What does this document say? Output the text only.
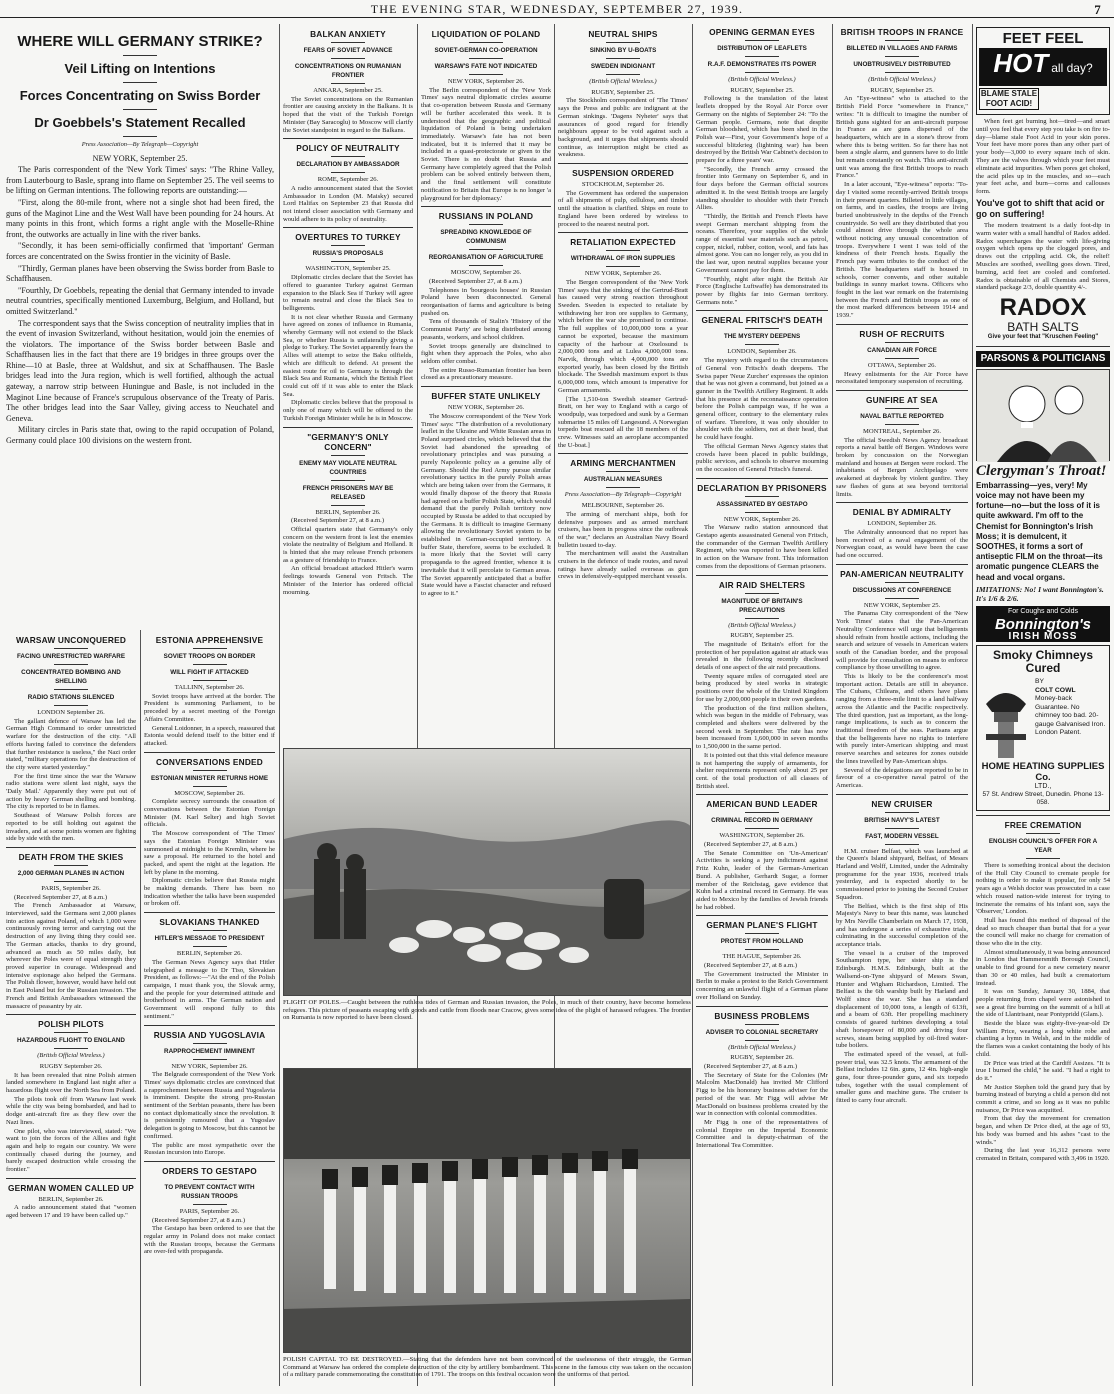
THE EVENING STAR, WEDNESDAY, SEPTEMBER 27, 1939.	7
WHERE WILL GERMANY STRIKE?
Veil Lifting on Intentions
Forces Concentrating on Swiss Border
Dr Goebbels's Statement Recalled
Press Association—By Telegraph—Copyright
NEW YORK, September 25.

The Paris correspondent of the 'New York Times' says: "The Rhine Valley, from Lauterbourg to Basle, sprang into flame on September 25. The veil seems to be lifting on German intentions. The following reports are outstanding:—

"First, along the 80-mile front, where not a single shot had been fired, the guns of the Maginot Line and the West Wall have been pounding for 24 hours. At many points in this front, which forms a right angle with the Moselle-Rhine front, the outworks are actually in line with the river banks.

"Secondly, it has been semi-officially confirmed that 'important' German forces are concentrated on the Swiss frontier in the vicinity of Basle.

"Thirdly, German planes have been observing the Swiss border from Basle to Schaffhausen.

"Fourthly, Dr Goebbels, repeating the denial that Germany intended to invade neutral countries, specifically mentioned Luxemburg, Belgium, and Holland, but omitted Switzerland."

The correspondent says that the Swiss conception of neutrality implies that in the event of invasion Switzerland, without hesitation, would join the enemies of the violators. The importance of the Swiss border between Basle and Schaffhausen lies in the fact that there are 19 bridges in three groups over the Rhine—10 at Basle, three at Waldshut, and six at Schaffhausen. The Basle bridges lead into the Jura region, which is well fortified, although the actual gateway, a narrow strip between Huningue and Basle, is not included in the Maginot Line because of France's scrupulous observance of the Treaty of Paris. The other bridges lead into the Saar Valley, giving access to Neuchatel and Geneva.

Military circles in Paris state that, owing to the rapid occupation of Poland, Germany could place 100 divisions on the western front.

WARSAW UNCONQUERED
FACING UNRESTRICTED WARFARE
CONCENTRATED BOMBING AND SHELLING
RADIO STATIONS SILENCED
LONDON September 26.

The gallant defence of Warsaw has led the German High Command to order unrestricted warfare for the destruction of the city. "All efforts having failed to convince the defenders that further resistance is useless," the Nazi order stated, "military operations for the destruction of the city were started yesterday."

For the first time since the war the Warsaw radio stations were silent last night, says the 'Daily Mail.' Apparently they were put out of action by heavy German shelling and bombing. The city is reported to be in flames.

Southeast of Warsaw Polish forces are reported to be still holding out against the invaders, and at some points women are fighting side by side with the men.

DEATH FROM THE SKIES
2,000 GERMAN PLANES IN ACTION
PARIS, September 26.

(Received September 27, at 8 a.m.)

The French Ambassador at Warsaw, interviewed, said the Germans sent 2,000 planes into action against Poland, of which 1,000 were continuously roving terror and carrying out the destruction of any living thing they could see. The German attacks, thanks to dry ground, advanced as much as 50 miles daily, but wherever the Poles were of equal strength they proved superior in courage. Widespread and intensive espionage also helped the Germans. The Polish flower, however, would have held out in East Poland but for the Russian invasion. The French and British Ambassadors witnessed the massacre of peasantry by air.

POLISH PILOTS
HAZARDOUS FLIGHT TO ENGLAND
(British Official Wireless.)
RUGBY September 26.

It has been revealed that nine Polish airmen landed somewhere in England last night after a hazardous flight over the North Sea from Poland.

The pilots took off from Warsaw last week while the city was being bombarded, and had to dodge anti-aircraft fire as they flew over the Nazi lines.

One pilot, who was interviewed, stated: "We want to join the forces of the Allies and fight again and help to regain our country. We were continually chased during the journey, and barely escaped destruction while crossing the frontier."

GERMAN WOMEN CALLED UP
BERLIN, September 26.

A radio announcement stated that "women aged between 17 and 19 have been called up."

ESTONIA APPREHENSIVE
SOVIET TROOPS ON BORDER
WILL FIGHT IF ATTACKED
TALLINN, September 26.

Soviet troops have arrived at the border. The President is summoning Parliament, to be preceded by a secret meeting of the Foreign Affairs Committee.

General Loidonner, in a speech, reassured that Estonia would defend itself to the bitter end if attacked.

CONVERSATIONS ENDED
ESTONIAN MINISTER RETURNS HOME
MOSCOW, September 26.

Complete secrecy surrounds the cessation of conversations between the Estonian Foreign Minister (M. Karl Selter) and high Soviet officials.

The Moscow correspondent of 'The Times' says the Estonian Foreign Minister was summoned at midnight to the Kremlin, where he saw a proposal. He returned to the hotel and packed, and spent the night at the legation. He left by plane in the morning.

Diplomatic circles believe that Russia might be making demands. There has been no indication whether the talks have been suspended or broken off.

SLOVAKIANS THANKED
HITLER'S MESSAGE TO PRESIDENT
BERLIN, September 26.

The German News Agency says that Hitler telegraphed a message to Dr Tiso, Slovakian President, as follows:—"At the end of the Polish campaign, I must thank you, the Slovak army, and the people for your determined attitude and brotherhood in arms. The German nation and Government will respond fully to this sentiment."

RUSSIA AND YUGOSLAVIA
RAPPROCHEMENT IMMINENT
NEW YORK, September 26.

The Belgrade correspondent of the 'New York Times' says diplomatic circles are convinced that a rapprochement between Russia and Yugoslavia is imminent. Despite the strong pro-Russian sentiment of the Serbian peasants, there has been no contact diplomatically since the revolution. It is persistently rumoured that a Yugoslav delegation is going to Moscow, but this cannot be confirmed.

The public are most sympathetic over the Russian incursion into Europe.

ORDERS TO GESTAPO
TO PREVENT CONTACT WITH RUSSIAN TROOPS
PARIS, September 26.

(Received September 27, at 8 a.m.)

The Gestapo has been ordered to see that the regular army in Poland does not make contact with the Russian troops, because the Germans are over-fed with propaganda.

BALKAN ANXIETY
FEARS OF SOVIET ADVANCE
CONCENTRATIONS ON RUMANIAN FRONTIER
ANKARA, September 25.

The Soviet concentrations on the Rumanian frontier are causing anxiety in the Balkans. It is hoped that the visit of the Turkish Foreign Minister (Bay Saracoglu) to Moscow will clarify the Soviet standpoint in regard to the Balkans.

POLICY OF NEUTRALITY
DECLARATION BY AMBASSADOR
ROME, September 26.

A radio announcement stated that the Soviet Ambassador in London (M. Maisky) secured Lord Halifax on September 23 that Russia did not intend closer association with Germany and would adhere to its policy of neutrality.

OVERTURES TO TURKEY
RUSSIA'S PROPOSALS
WASHINGTON, September 25.

Diplomatic circles declare that the Soviet has offered to guarantee Turkey against German expansion to the Black Sea if Turkey will agree to remain neutral and close the Black Sea to belligerents.

It is not clear whether Russia and Germany have agreed on zones of influence in Rumania, whereby Germany will not extend to the Black Sea, or whether Russia is unilaterally giving a pledge to Turkey. The Soviet apparently fears the Allies will attempt to seize the Baku oilfields, which are difficult to defend. At present the easiest route for oil to Germany is through the Black Sea and Rumania, which the British Fleet could cut off if it was able to enter the Black Sea.

Diplomatic circles believe that the proposal is only one of many which will be offered to the Turkish Foreign Minister while he is in Moscow.

"GERMANY'S ONLY CONCERN"
ENEMY MAY VIOLATE NEUTRAL COUNTRIES
FRENCH PRISONERS MAY BE RELEASED
BERLIN, September 26.

(Received September 27, at 8 a.m.)

Official quarters state that Germany's only concern on the western front is lest the enemies violate the neutrality of Belgium and Holland. It is hinted that she may release French prisoners as a gesture of friendship to France.

An official broadcast attacked Hitler's warm feelings towards General von Fritsch. The Minister of the Interior has ordered official mourning.

LIQUIDATION OF POLAND
SOVIET-GERMAN CO-OPERATION
WARSAW'S FATE NOT INDICATED
NEW YORK, September 26.

The Berlin correspondent of the 'New York Times' says neutral diplomatic circles assume that co-operation between Russia and Germany will be further accelerated this week. It is understood that the geographic and political liquidation of Poland is being undertaken immediately. Warsaw's fate has not been indicated, but it is inferred that it may be included in a quasi-protectorate or given to the Soviet. There is no doubt that Russia and Germany have completely agreed that the Polish problem can be solved entirely between them, and the final settlement will constitute notification to Britain that Europe is no longer 'a playground for her diplomacy.'

RUSSIANS IN POLAND
SPREADING KNOWLEDGE OF COMMUNISM
REORGANISATION OF AGRICULTURE
MOSCOW, September 26.

(Received September 27, at 8 a.m.)

Telephones in 'bourgeois houses' in Russian Poland have been disconnected. General reorganisation of farms and agriculture is being pushed on.

Tens of thousands of Stalin's 'History of the Communist Party' are being distributed among peasants, workers, and school children.

Soviet troops generally are disinclined to fight when they approach the Poles, who also seldom offer combat.

The entire Russo-Rumanian frontier has been closed as a precautionary measure.

BUFFER STATE UNLIKELY
NEW YORK, September 26.

The Moscow correspondent of the 'New York Times' says: "The distribution of a revolutionary leaflet in the Ukraine and White Russian areas in Poland surprised circles, which believed that the Soviet had abandoned the spreading of revolutionary principles and was pursuing a purely Napoleonic policy as a genuine ally of Germany. Should the Red Army pursue similar revolutionary tactics in the purely Polish areas which are being taken over from the Germans, it would finally dispose of the theory that Russia had agreed on a buffer Polish State, which would demand that the purely Polish territory now occupied by Russia be added to that occupied by the Germans. It is difficult to imagine Germany allowing the revolutionary Soviet system to be established in German-occupied territory. A buffer State, therefore, seems to be excluded. It is more likely that the Soviet will carry propaganda to the agreed frontier, whence it is inevitable that it will percolate to German areas. The Soviet apparently anticipated that a buffer State would have a Fascist character and refused to agree to it."

NEUTRAL SHIPS
SINKING BY U-BOATS
SWEDEN INDIGNANT
(British Official Wireless.)
RUGBY, September 25.

The Stockholm correspondent of 'The Times' says the Press and public are indignant at the German sinkings. 'Dagens Nyheter' says that assurances of good regard for friendly neighbours appear to be void against such a background, and it urges that shipments should continue, as interruption might be cited as weakness.

SUSPENSION ORDERED
STOCKHOLM, September 26.

The Government has ordered the suspension of all shipments of pulp, cellulose, and timber until the situation is clarified. Ships en route to England have been ordered by wireless to proceed to the nearest neutral port.

RETALIATION EXPECTED
WITHDRAWAL OF IRON SUPPLIES
NEW YORK, September 26.

The Bergen correspondent of the 'New York Times' says that the sinking of the Gertrud-Bratt has caused very strong reaction throughout Sweden. Sweden is expected to retaliate by withdrawing her iron ore supplies to Germany, which before the war she promised to continue. The full supplies of 10,000,000 tons a year cannot be exported, because the maximum capacity of the harbour at Oxelosund is 2,000,000 tons and at Lulea 4,000,000 tons. Narvik, through which 4,000,000 tons are exported yearly, has been closed by the British blockade. The Swedish maximum export is thus 6,000,000 tons, which amount is imperative for German armaments.

[The 1,510-ton Swedish steamer Gertrud-Bratt, on her way to England with a cargo of woodpulp, was torpedoed and sunk by a German submarine 15 miles off Langesund. A Norwegian torpedo boat rescued all the 18 members of the crew. Witnesses said an aeroplane accompanied the U-boat.]

ARMING MERCHANTMEN
AUSTRALIAN MEASURES
Press Association—By Telegraph—Copyright
MELBOURNE, September 26.

The arming of merchant ships, both for defensive purposes and as armed merchant cruisers, has been in progress since the outbreak of the war," declares an Australian Navy Board bulletin issued to-day.

The merchantmen will assist the Australian cruisers in the defence of trade routes, and naval ratings have already sailed overseas as gun crews in defensively-equipped merchant vessels.

OPENING GERMAN EYES
DISTRIBUTION OF LEAFLETS
R.A.F. DEMONSTRATES ITS POWER
(British Official Wireless.)
RUGBY, September 25.

Following is the translation of the latest leaflets dropped by the Royal Air Force over Germany on the nights of September 24: "To the German people. Germans, note that despite German bloodshed, which has been shed in the Polish war—First, your Government's hope of a successful blitzkrieg (lightning war) has been destroyed by the British War Cabinet's decision to prepare for a three years' war.

"Secondly, the French army crossed the frontier into Germany on September 6, and in four days before the German official sources admitted it. In the west British troops are largely standing shoulder to shoulder with their French Allies.

"Thirdly, the British and French Fleets have swept German merchant shipping from the oceans. Therefore, your supplies of the whole range of essential war materials such as petrol, copper, nickel, rubber, cotton, wool, and fats has almost gone. You can no longer rely, as you did in the last war, upon neutral supplies because your Government cannot pay for them.

"Fourthly, night after night the British Air Force (Englische Luftwaffe) has demonstrated its power by flights far into German territory. Germans note."

GENERAL FRITSCH'S DEATH
THE MYSTERY DEEPENS
LONDON, September 26.

The mystery with regard to the circumstances of General von Fritsch's death deepens. The Swiss paper 'Neue Zurcher' expresses the opinion that he was not given a command, but joined as a gunner in the Twelfth Artillery Regiment. It adds that his presence at the reconnaissance operation before the Polish campaign was, if he was a general officer, contrary to the elementary rules of warfare. Therefore, it was only shoulder to shoulder with the soldiers, not at their head, that he could have fought.

The official German News Agency states that crowds have been placed in public buildings, public services, and schools to observe mourning on the occasion of General Fritsch's funeral.

DECLARATION BY PRISONERS
ASSASSINATED BY GESTAPO
NEW YORK, September 26.

The Warsaw radio station announced that Gestapo agents assassinated General von Fritsch, the commander of the German Twelfth Artillery Regiment, who was reported to have been killed in action on the Warsaw front. This information comes from the depositions of German prisoners.

AIR RAID SHELTERS
MAGNITUDE OF BRITAIN'S PRECAUTIONS
(British Official Wireless.)
RUGBY, September 25.

The magnitude of Britain's effort for the protection of her population against air attack was revealed in the following recently disclosed details of one aspect of the air raid precautions.

Twenty square miles of corrugated steel are being produced by steel works in strategic positions over the whole of the United Kingdom for use by 2,000,000 people in their own gardens.

The production of the first million shelters, which was begun in the middle of February, was completed and shelters were delivered by the second week in September. The rate has now been increased from 1,600,000 in seven months to 1,500,000 in the same period.

It is pointed out that this vital defence measure is not hampering the supply of armaments, for shelter requirements represent only about 25 per cent. of the total production of all classes of British steel.

AMERICAN BUND LEADER
CRIMINAL RECORD IN GERMANY
WASHINGTON, September 26.

(Received September 27, at 8 a.m.)

The Senate Committee on 'Un-American' Activities is seeking a jury indictment against Fritz Kuhn, leader of the German-American Bund. A publisher, Gerhardt Sugar, a former member of the Reichstag, gave evidence that Kuhn had a criminal record in Germany. He was aided to Mexico by the families of Jewish friends he had robbed.

GERMAN PLANE'S FLIGHT
PROTEST FROM HOLLAND
THE HAGUE, September 26.

(Received September 27, at 8 a.m.)

The Government instructed the Minister in Berlin to make a protest to the Reich Government concerning an unlawful flight of a German plane over Holland on Sunday.

BUSINESS PROBLEMS
ADVISER TO COLONIAL SECRETARY
(British Official Wireless.)
RUGBY, September 26.

(Received September 27, at 8 a.m.)

The Secretary of State for the Colonies (Mr Malcolm MacDonald) has invited Mr Clifford Figg to be his honorary business adviser for the period of the war. Mr Figg will advise Mr MacDonald on business problems created by the war in connection with colonial commodities.

Mr Figg is one of the representatives of colonial Empire on the Imperial Economic Committee and is deputy-chairman of the International Tea Committee.

BRITISH TROOPS IN FRANCE
BILLETED IN VILLAGES AND FARMS
UNOBTRUSIVELY DISTRIBUTED
(British Official Wireless.)
RUGBY, September 25.

An "Eye-witness" who is attached to the British Field Force "somewhere in France," writes: "It is difficult to imagine the number of British guns sighted for an anti-aircraft purpose in France as are guns dispersed of the headquarters, which are in a stone's throw from where this is being written. So far there has not been a single alarm, and gunners have to do little but remain constantly on watch. This anti-aircraft unit was among the first British troops to reach France."

In a later account, "Eye-witness" reports: "To-day I visited some recently-arrived British troops in their present quarters. Billeted in little villages, on farms, and in castles, the troops are living buried unobtrusively in the depths of the French countryside. So well are they distributed that you could almost drive through the whole area without noticing any unusual concentration of troops. Everywhere I went I was told of the kindness of their French hosts. Equally the French pay warm tributes to the conduct of the British. The headquarters staff is housed in schools, corner convents, and other suitable buildings in sunny market towns. Officers who fought in the last war remark on the fraternising between the French and British troops as one of the most marked differences between 1914 and 1939."

RUSH OF RECRUITS
CANADIAN AIR FORCE
OTTAWA, September 26.

Heavy enlistments for the Air Force have necessitated temporary suspension of recruiting.

GUNFIRE AT SEA
NAVAL BATTLE REPORTED
MONTREAL, September 26.

The official Swedish News Agency broadcast reports a naval battle off Bergen. Windows were broken by concussion on the Norwegian mainland and houses at Bergen were rocked. The inhabitants of Bergen Archipelago were awakened at daybreak by violent gunfire. They saw flashes of guns at sea beyond territorial limits.

DENIAL BY ADMIRALTY
LONDON, September 26.

The Admiralty announced that no report has been received of a naval engagement of the Norwegian coast, as would have been the case had one occurred.

PAN-AMERICAN NEUTRALITY
DISCUSSIONS AT CONFERENCE
NEW YORK, September 25.

The Panama City correspondent of the 'New York Times' states that the Pan-American Neutrality Conference will urge that belligerents should refrain from hostile actions, including the search and seizure of vessels in American waters south of the Canadian border, and the proposal will provide for consultation on means to enforce compliance by those unwilling to agree.

This is likely to be the conference's most important action. Details are still in abeyance. The Cubans, Chileans, and others have plans ranging from a three-mile limit to a land halfway across the Atlantic and the Pacific respectively. The third question, just as important, as the long-range implications, is such as to concern the traditional freedom of the seas. Partisans argue that the belligerents have no rights to interfere with purely inter-American shipping and must reserve searches and seizures for zones outside the lines travelled by Pan-American ships.

Several of the delegations are reported to be in favour of a co-operative naval patrol of the Americas.

NEW CRUISER
BRITISH NAVY'S LATEST
FAST, MODERN VESSEL

H.M. cruiser Belfast, which was launched at the Queen's Island shipyard, Belfast, of Messrs Harland and Wolff, Limited, under the Admiralty programme for the year 1936, received trials yesterday, and is expected shortly to be commissioned prior to joining the Second Cruiser Squadron.

The Belfast, which is the first ship of His Majesty's Navy to bear this name, was launched by Mrs Neville Chamberlain on March 17, 1938, and has undergone a series of exhaustive trials, culminating in the successful completion of the acceptance trials.

The vessel is a cruiser of the improved Southampton type, her sister ship is the Edinburgh. H.M.S. Edinburgh, built at the Wallsend-on-Tyne shipyard of Messrs Swan, Hunter and Wigham Richardson, Limited. The Belfast is the 6th warship built by Harland and Wolff since the war. She has a standard displacement of 10,000 tons, a length of 613ft, and a beam of 63ft. Her propelling machinery consists of geared turbines developing a total shaft horsepower of 80,000 and driving four screws, steam being supplied by oil-fired water-tube boilers.

The estimated speed of the vessel, at full-power trial, was 32.5 knots. The armament of the Belfast includes 12 6in. guns, 12 4in. high-angle guns, four three-pounder guns, and six torpedo tubes, together with the usual complement of smaller guns and machine guns. The cruiser is fitted to carry four aircraft.

FEET FEEL
HOT all day?
BLAME STALE FOOT ACID!

When feet get burning hot—tired—and smart until you feel that every step you take is on fire to-day—blame stale Foot Acid in your skin pores. Your feet have more pores than any other part of your body—3,000 to every square inch of skin. They are the valves through which your feet must eliminate acid impurities. When pores get choked, the acid piles up in the muscles, and so—each year feet ache, and burn—corns and callouses form.

You've got to shift that acid or go on suffering!

The modern treatment is a daily foot-dip in warm water with a small handful of Radox added. Radox supercharges the water with life-giving oxygen which opens up the clogged pores, and draws out the crippling acid. Ok, the relief! Muscles are soothed, swelling goes down. Tired, burning, acid feet are cooled and comforted. Radox is obtainable of all Chemists and Stores, standard package 2/3, double quantity 4/-.

RADOX
BATH SALTS
Give your feet that "Kruschen Feeling"
PARSONS & POLITICIANS
Clergyman's Throat!

Embarrassing—yes, very! My voice may not have been my fortune—no—but the loss of it is quite awkward. I'm off to the Chemist for Bonnington's Irish Moss; it is demulcent, it SOOTHES, it forms a sort of antiseptic FILM on the throat—its aromatic pungence CLEARS the head and vocal organs.

IMITATIONS: No! I want Bonnington's. It's 1/6 & 2/6.

For Coughs and Colds
Bonnington's
IRISH MOSS
Smoky Chimneys Cured
BY
COLT COWL
Money-back Guarantee. No chimney too bad. 20-gauge Galvanised Iron. London Patent.
HOME HEATING SUPPLIES Co.
LTD.,
57 St. Andrew Street, Dunedin. Phone 13-058.
FREE CREMATION
ENGLISH COUNCIL'S OFFER FOR A YEAR

There is something ironical about the decision of the Hull City Council to cremate people for nothing in order to make it popular, for only 54 years ago a Welsh doctor was prosecuted in a case which roused nation-wide interest for trying to incinerate the remains of his infant son, says the 'Observer,' London.

Hull has found this method of disposal of the dead so much cheaper than burial that for a year the council will make no charge for cremation of those who die in the city.

Almost simultaneously, it was being announced in London that Hammersmith Borough Council, unable to find ground for a new cemetery nearer than 30 or 40 miles, had built a crematorium instead.

It was on Sunday, January 30, 1884, that people returning from chapel were astonished to see a great fire burning on the summit of a hill at the side of Llantrisant, near Pontypridd (Glam.).

Beside the blaze was eighty-five-year-old Dr William Price, wearing a long white robe and chanting a hymn in Welsh, and in the middle of the flames was a casket containing the body of his child.

Dr Price was tried at the Cardiff Assizes. "It is true I burned the child," he said. "I had a right to do it."

Mr Justice Stephen told the grand jury that by burning instead of burying a child a person did not commit a crime, and so long as it was no public nuisance, Dr Price was acquitted.

From that day the movement for cremation began, and when Dr Price died, at the age of 93, his body was burned and his ashes "cast to the winds."

During the last year 16,312 persons were cremated in Britain, compared with 3,496 in 1920.

FLIGHT OF POLES.—Caught between the ruthless tides of German and Russian invasion, the Poles, in much of their country, have become homeless refugees. This picture of peasants escaping with goods and cattle from floods near Cracow, gives some idea of the plight of harassed refugees. The frontier on Rumania is now reported to have been closed.
POLISH CAPITAL TO BE DESTROYED.—Stating that the defenders have not been convinced of the uselessness of their struggle, the German Command at Warsaw has ordered the complete destruction of the city by artillery bombardment. This scene in the famous city was taken on the occasion of a military parade commemorating the constitution of 1791. The troops on this festival occasion wore the uniforms of that period.
